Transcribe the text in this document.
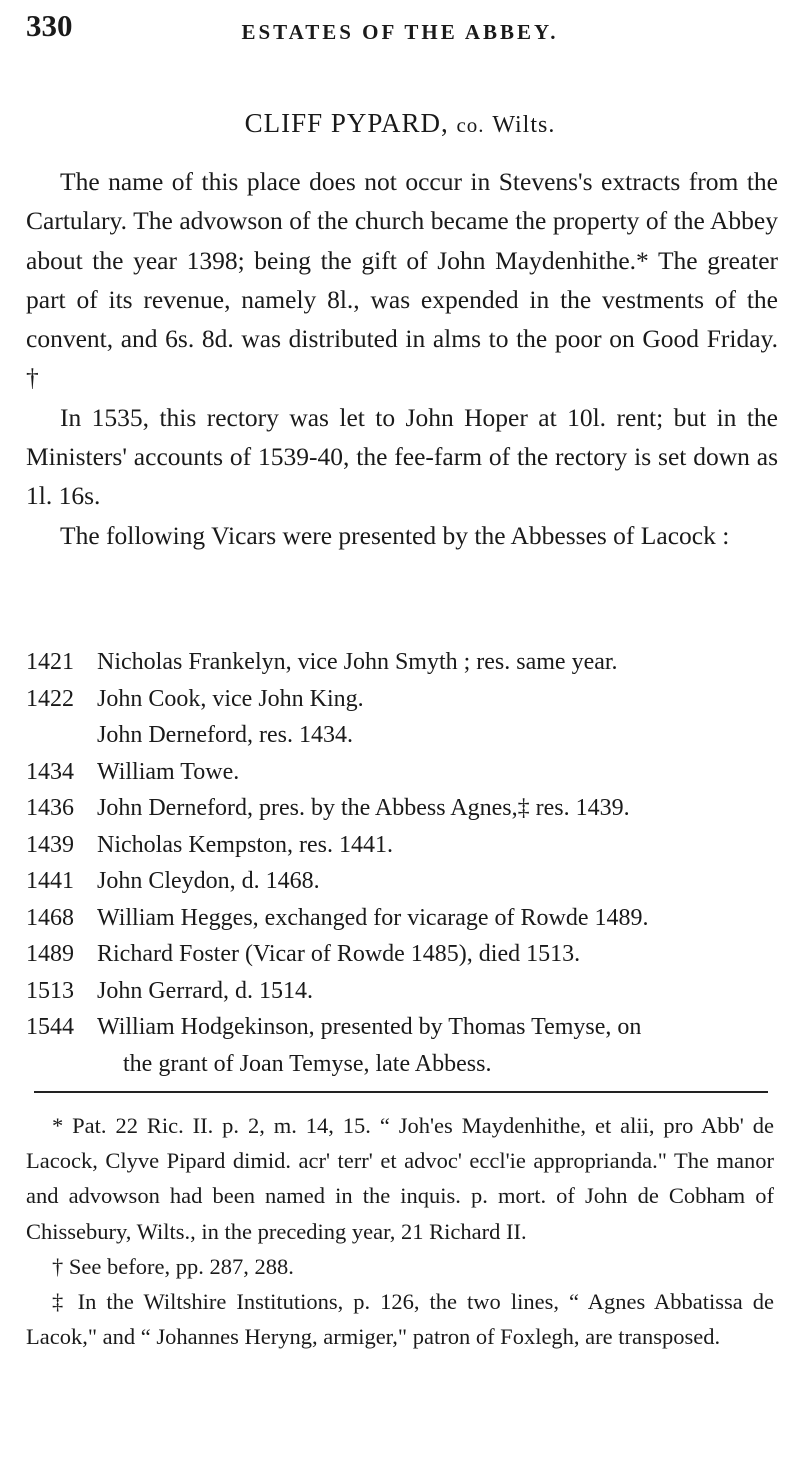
330	ESTATES OF THE ABBEY.
CLIFF PYPARD, co. Wilts.

The name of this place does not occur in Stevens's extracts from the Cartulary. The advowson of the church became the property of the Abbey about the year 1398; being the gift of John Maydenhithe.* The greater part of its revenue, namely 8l., was expended in the vestments of the convent, and 6s. 8d. was distributed in alms to the poor on Good Friday. †

In 1535, this rectory was let to John Hoper at 10l. rent; but in the Ministers' accounts of 1539-40, the fee-farm of the rectory is set down as 1l. 16s.

The following Vicars were presented by the Abbesses of Lacock :

1421 Nicholas Frankelyn, vice John Smyth ; res. same year.
1422 John Cook, vice John King.
John Derneford, res. 1434.
1434 William Towe.
1436 John Derneford, pres. by the Abbess Agnes,‡ res. 1439.
1439 Nicholas Kempston, res. 1441.
1441 John Cleydon, d. 1468.
1468 William Hegges, exchanged for vicarage of Rowde 1489.
1489 Richard Foster (Vicar of Rowde 1485), died 1513.
1513 John Gerrard, d. 1514.
1544 William Hodgekinson, presented by Thomas Temyse, on
the grant of Joan Temyse, late Abbess.

* Pat. 22 Ric. II. p. 2, m. 14, 15. “ Joh'es Maydenhithe, et alii, pro Abb' de Lacock, Clyve Pipard dimid. acr' terr' et advoc' eccl'ie approprianda." The manor and advowson had been named in the inquis. p. mort. of John de Cobham of Chissebury, Wilts., in the preceding year, 21 Richard II.

† See before, pp. 287, 288.

‡ In the Wiltshire Institutions, p. 126, the two lines, “ Agnes Abbatissa de Lacok," and “ Johannes Heryng, armiger," patron of Foxlegh, are transposed.
